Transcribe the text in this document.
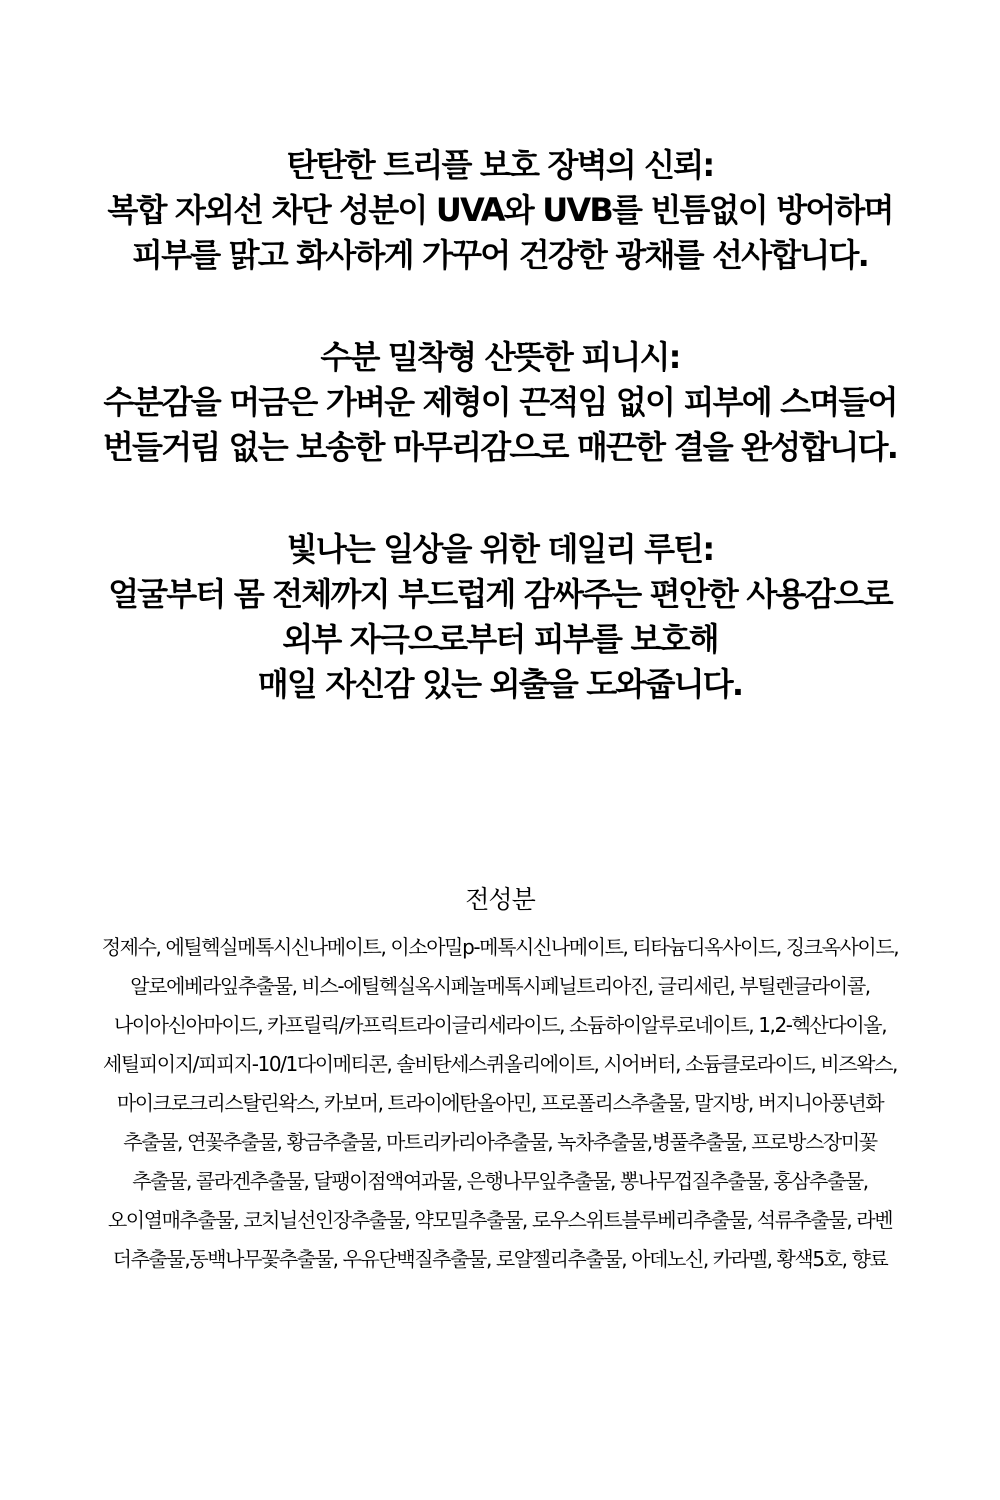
탄탄한 트리플 보호 장벽의 신뢰:
복합 자외선 차단 성분이 UVA와 UVB를 빈틈없이 방어하며
피부를 맑고 화사하게 가꾸어 건강한 광채를 선사합니다.
수분 밀착형 산뜻한 피니시:
수분감을 머금은 가벼운 제형이 끈적임 없이 피부에 스며들어
번들거림 없는 보송한 마무리감으로 매끈한 결을 완성합니다.
빛나는 일상을 위한 데일리 루틴:
얼굴부터 몸 전체까지 부드럽게 감싸주는 편안한 사용감으로
외부 자극으로부터 피부를 보호해
매일 자신감 있는 외출을 도와줍니다.
전성분
정제수, 에틸헥실메톡시신나메이트, 이소아밀p-메톡시신나메이트, 티타늄디옥사이드, 징크옥사이드,
알로에베라잎추출물, 비스-에틸헥실옥시페놀메톡시페닐트리아진, 글리세린, 부틸렌글라이콜,
나이아신아마이드, 카프릴릭/카프릭트라이글리세라이드, 소듐하이알루로네이트, 1,2-헥산다이올,
세틸피이지/피피지-10/1다이메티콘, 솔비탄세스퀴올리에이트, 시어버터, 소듐클로라이드, 비즈왁스,
마이크로크리스탈린왁스, 카보머, 트라이에탄올아민, 프로폴리스추출물, 말지방, 버지니아풍년화
추출물, 연꽃추출물, 황금추출물, 마트리카리아추출물, 녹차추출물,병풀추출물, 프로방스장미꽃
추출물, 콜라겐추출물, 달팽이점액여과물, 은행나무잎추출물, 뽕나무껍질추출물, 홍삼추출물,
오이열매추출물, 코치닐선인장추출물, 약모밀추출물, 로우스위트블루베리추출물, 석류추출물, 라벤
더추출물,동백나무꽃추출물, 우유단백질추출물, 로얄젤리추출물, 아데노신, 카라멜, 황색5호, 향료
